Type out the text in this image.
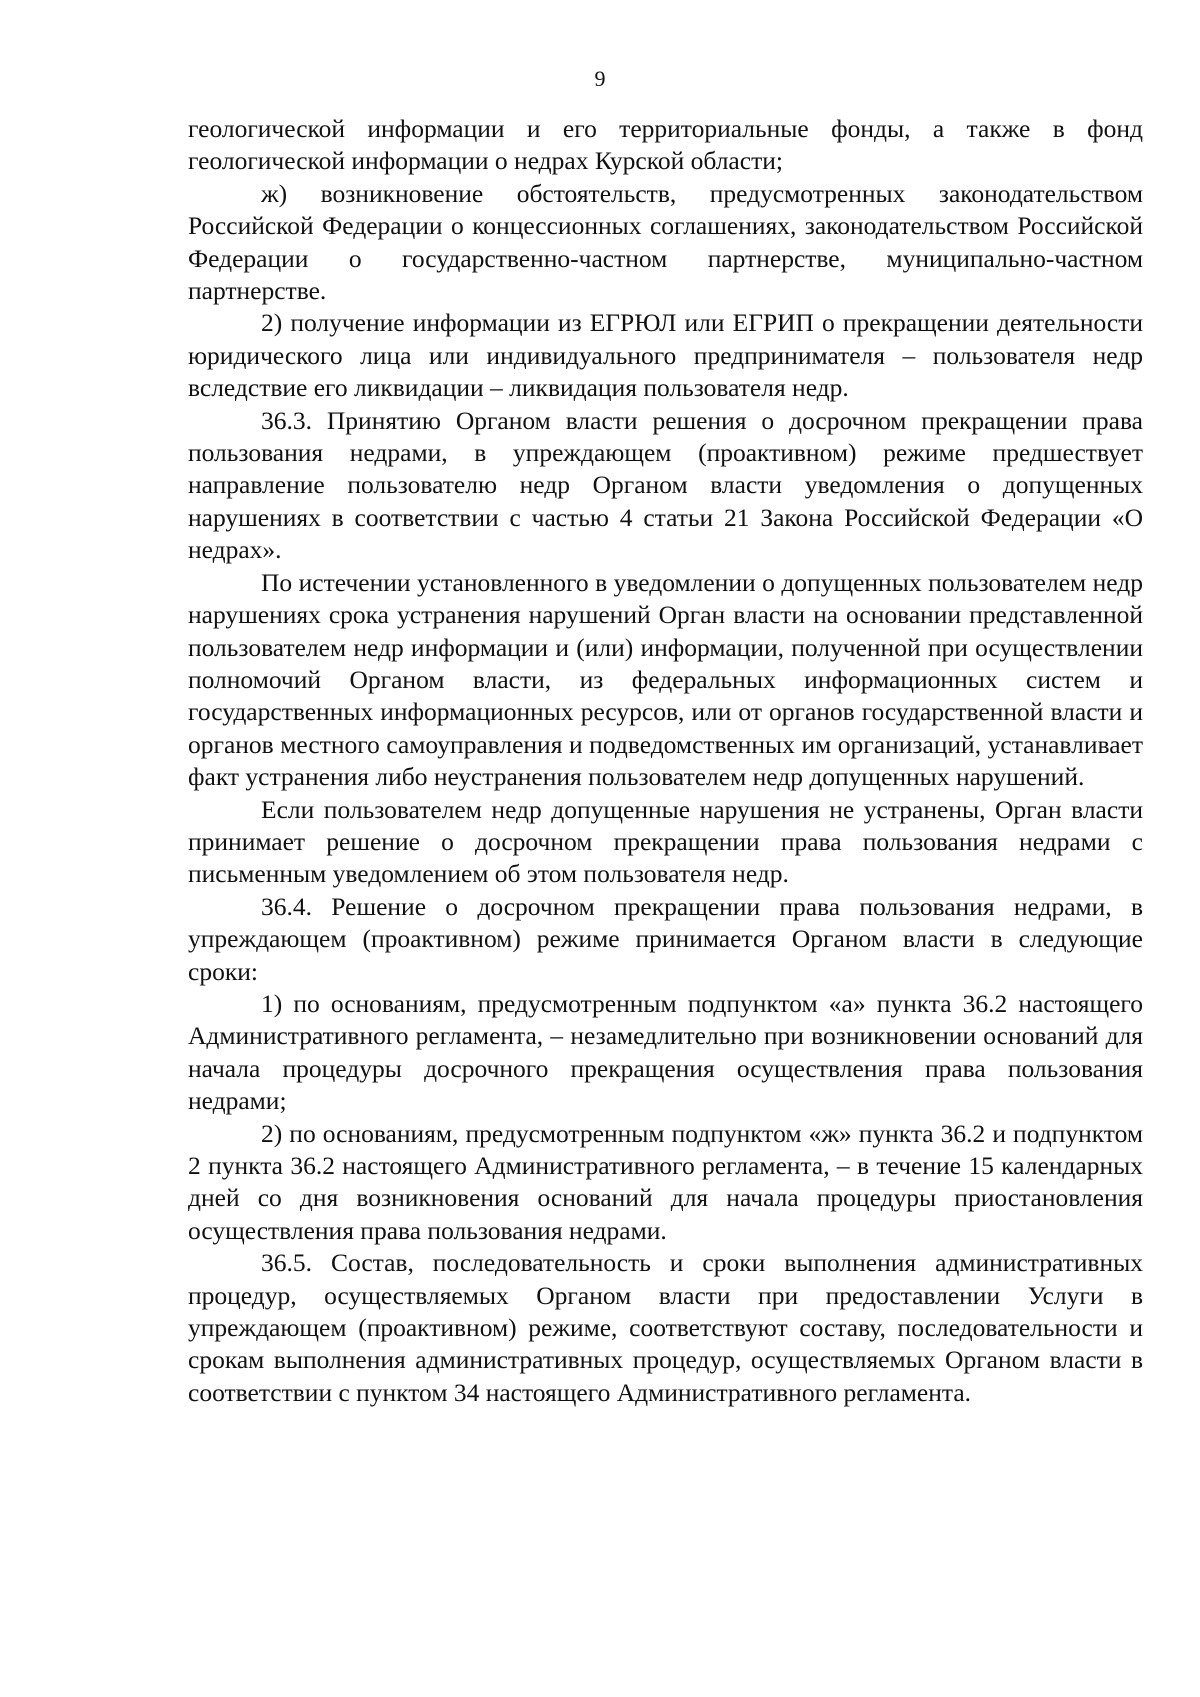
9

геологической информации и его территориальные фонды, а также в фонд геологической информации о недрах Курской области;

ж) возникновение обстоятельств, предусмотренных законодательством Российской Федерации о концессионных соглашениях, законодательством Российской Федерации о государственно-частном партнерстве, муниципально-частном партнерстве.

2) получение информации из ЕГРЮЛ или ЕГРИП о прекращении деятельности юридического лица или индивидуального предпринимателя – пользователя недр вследствие его ликвидации – ликвидация пользователя недр.

36.3. Принятию Органом власти решения о досрочном прекращении права пользования недрами, в упреждающем (проактивном) режиме предшествует направление пользователю недр Органом власти уведомления о допущенных нарушениях в соответствии с частью 4 статьи 21 Закона Российской Федерации «О недрах».

По истечении установленного в уведомлении о допущенных пользователем недр нарушениях срока устранения нарушений Орган власти на основании представленной пользователем недр информации и (или) информации, полученной при осуществлении полномочий Органом власти, из федеральных информационных систем и государственных информационных ресурсов, или от органов государственной власти и органов местного самоуправления и подведомственных им организаций, устанавливает факт устранения либо неустранения пользователем недр допущенных нарушений.

Если пользователем недр допущенные нарушения не устранены, Орган власти принимает решение о досрочном прекращении права пользования недрами с письменным уведомлением об этом пользователя недр.

36.4. Решение о досрочном прекращении права пользования недрами, в упреждающем (проактивном) режиме принимается Органом власти в следующие сроки:

1) по основаниям, предусмотренным подпунктом «а» пункта 36.2 настоящего Административного регламента, – незамедлительно при возникновении оснований для начала процедуры досрочного прекращения осуществления права пользования недрами;

2) по основаниям, предусмотренным подпунктом «ж» пункта 36.2 и подпунктом 2 пункта 36.2 настоящего Административного регламента, – в течение 15 календарных дней со дня возникновения оснований для начала процедуры приостановления осуществления права пользования недрами.

36.5. Состав, последовательность и сроки выполнения административных процедур, осуществляемых Органом власти при предоставлении Услуги в упреждающем (проактивном) режиме, соответствуют составу, последовательности и срокам выполнения административных процедур, осуществляемых Органом власти в соответствии с пунктом 34 настоящего Административного регламента.
